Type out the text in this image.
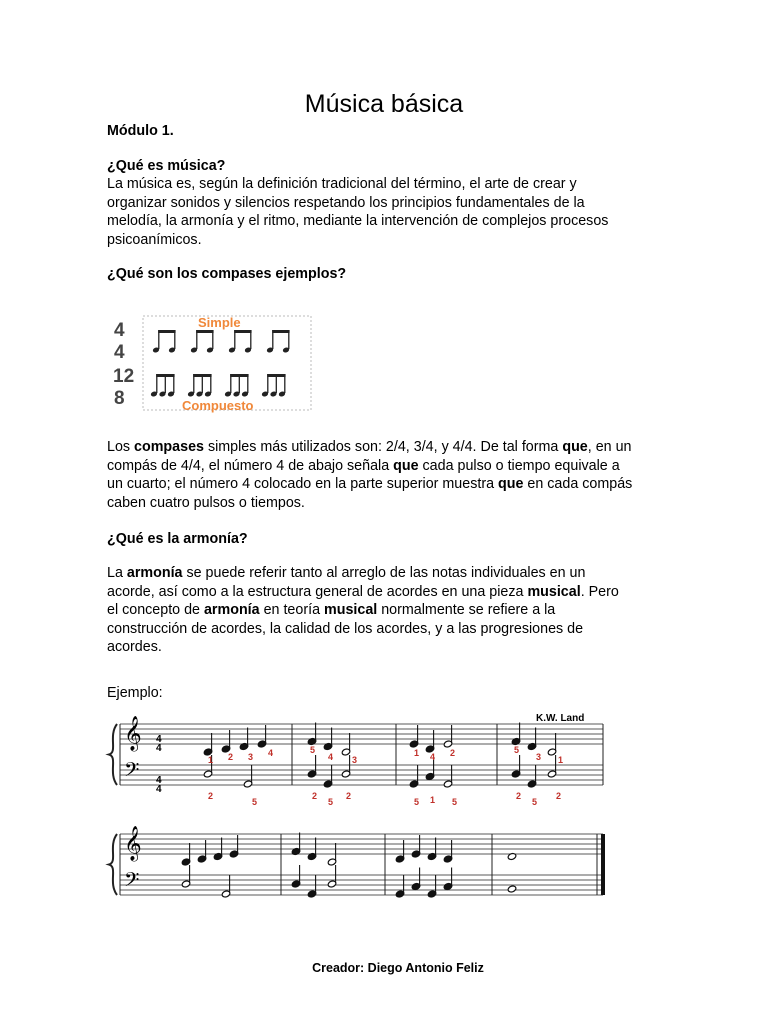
Música básica

Módulo 1.

¿Qué es música?

La música es, según la definición tradicional del término, el arte de crear y
organizar sonidos y silencios respetando los principios fundamentales de la
melodía, la armonía y el ritmo, mediante la intervención de complejos procesos
psicoanímicos.

¿Qué son los compases ejemplos?

4
4
12
8
Simple
Compuesto

Los compases simples más utilizados son: 2/4, 3/4, y 4/4. De tal forma que, en un
compás de 4/4, el número 4 de abajo señala que cada pulso o tiempo equivale a
un cuarto; el número 4 colocado en la parte superior muestra que en cada compás
caben cuatro pulsos o tiempos.

¿Qué es la armonía?

La armonía se puede referir tanto al arreglo de las notas individuales en un
acorde, así como a la estructura general de acordes en una pieza musical. Pero
el concepto de armonía en teoría musical normalmente se refiere a la
construcción de acordes, la calidad de los acordes, y a las progresiones de
acordes.

Ejemplo:

K.W. Land
𝄞
𝄢
𝄞
𝄢
4
4
4
4
1 2 3 4	5
4 3
1 4 2	5
3 1
2
5
2
5
2
5 1 5
2
5
2

Creador: Diego Antonio Feliz
